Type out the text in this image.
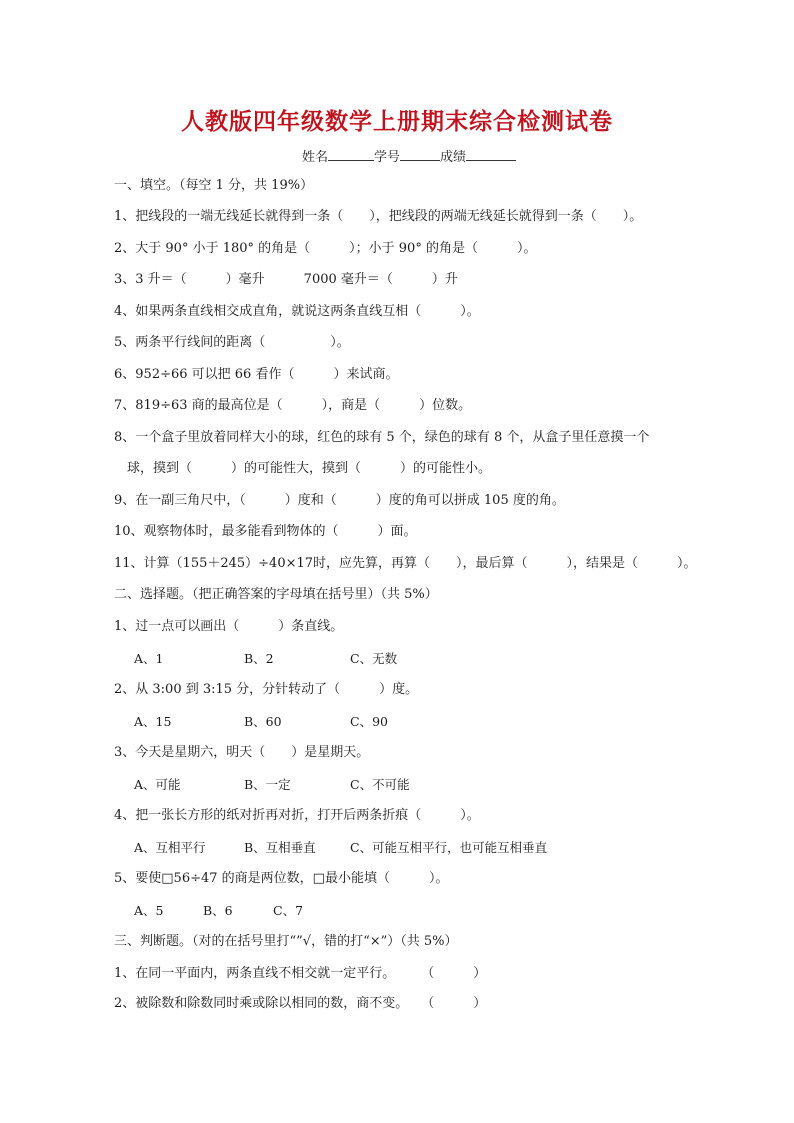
人教版四年级数学上册期末综合检测试卷
姓名	学号	成绩
一、填空。（每空 1 分，共 19%）
1、把线段的一端无线延长就得到一条（　　），把线段的两端无线延长就得到一条（　　）。
2、大于 90° 小于 180° 的角是（　　　）；小于 90° 的角是（　　　）。
3、3 升＝（　　　）毫升　　　7000 毫升＝（　　　）升
4、如果两条直线相交成直角，就说这两条直线互相（　　　）。
5、两条平行线间的距离（　　　　　）。
6、952÷66 可以把 66 看作（　　　）来试商。
7、819÷63 商的最高位是（　　　），商是（　　　）位数。
8、一个盒子里放着同样大小的球，红色的球有 5 个，绿色的球有 8 个，从盒子里任意摸一个
　球，摸到（　　　）的可能性大，摸到（　　　）的可能性小。
9、在一副三角尺中，（　　　）度和（　　　）度的角可以拼成 105 度的角。
10、观察物体时，最多能看到物体的（　　　）面。
11、计算（155＋245）÷40×17时，应先算，再算（　　），最后算（　　　），结果是（　　　）。
二、选择题。（把正确答案的字母填在括号里）（共 5%）
1、过一点可以画出（　　　）条直线。
A、1	B、2	C、无数
2、从 3:00 到 3:15 分，分针转动了（　　　）度。
A、15	B、60	C、90
3、今天是星期六，明天（　　）是星期天。
A、可能	B、一定	C、不可能
4、把一张长方形的纸对折再对折，打开后两条折痕（　　　）。
A、互相平行	B、互相垂直	C、可能互相平行，也可能互相垂直
5、要使□56÷47 的商是两位数，□最小能填（　　　）。
A、5	B、6	C、7
三、判断题。（对的在括号里打“”√，错的打“×”）（共 5%）
1、在同一平面内，两条直线不相交就一定平行。　　　（　　　）
2、被除数和除数同时乘或除以相同的数，商不变。　　（　　　）
